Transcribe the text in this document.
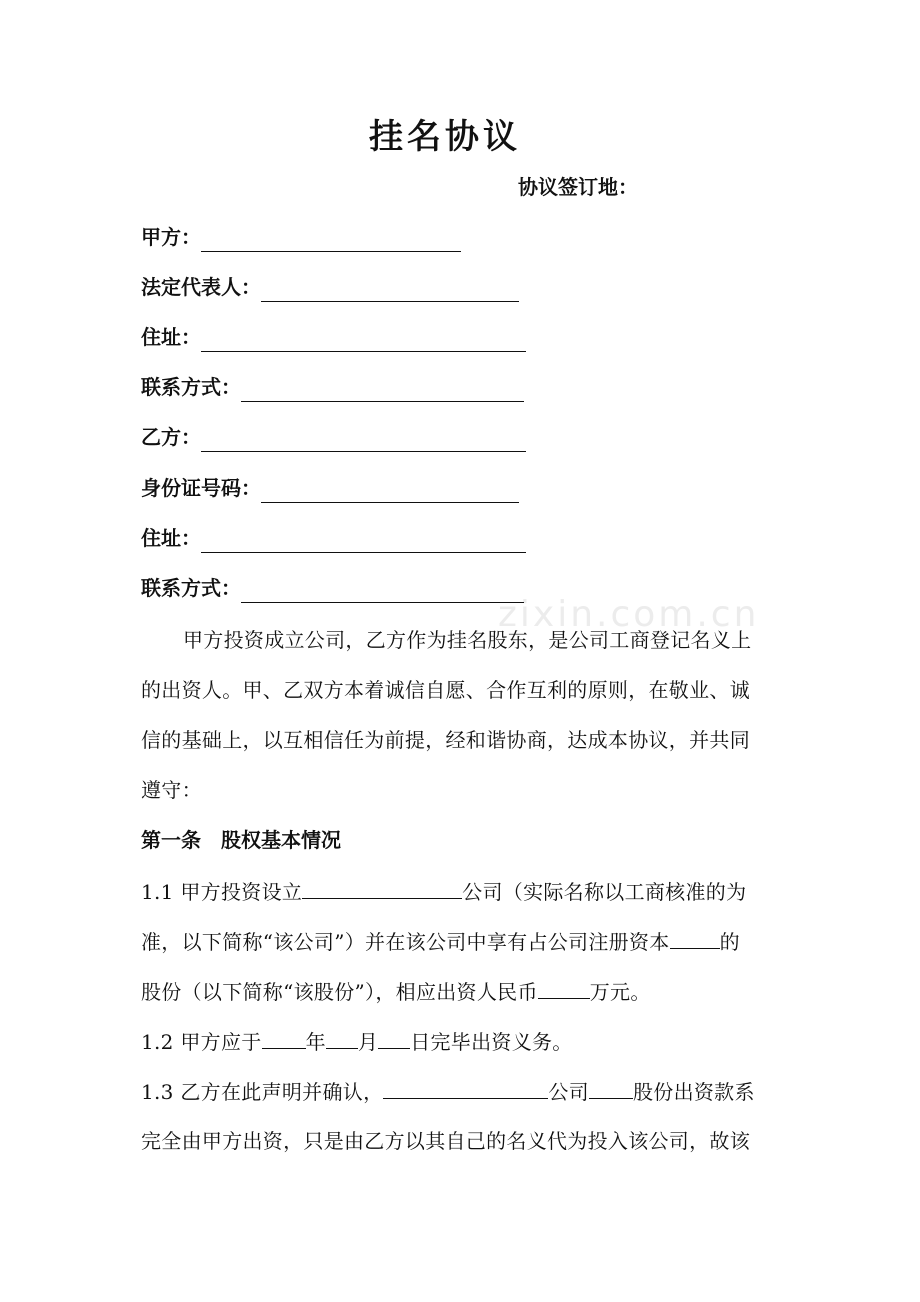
zixin.com.cn
挂名协议
协议签订地：
甲方：
法定代表人：
住址：
联系方式：
乙方：
身份证号码：
住址：
联系方式：
甲方投资成立公司，乙方作为挂名股东，是公司工商登记名义上
的出资人。甲、乙双方本着诚信自愿、合作互利的原则，在敬业、诚
信的基础上，以互相信任为前提，经和谐协商，达成本协议，并共同
遵守：
第一条　股权基本情况
1.1 甲方投资设立	公司（实际名称以工商核准的为
准，以下简称“该公司”）并在该公司中享有占公司注册资本	的
股份（以下简称“该股份”），相应出资人民币	万元。
1.2 甲方应于 年 月 日完毕出资义务。
1.3 乙方在此声明并确认，	公司 股份出资款系
完全由甲方出资，只是由乙方以其自己的名义代为投入该公司，故该
